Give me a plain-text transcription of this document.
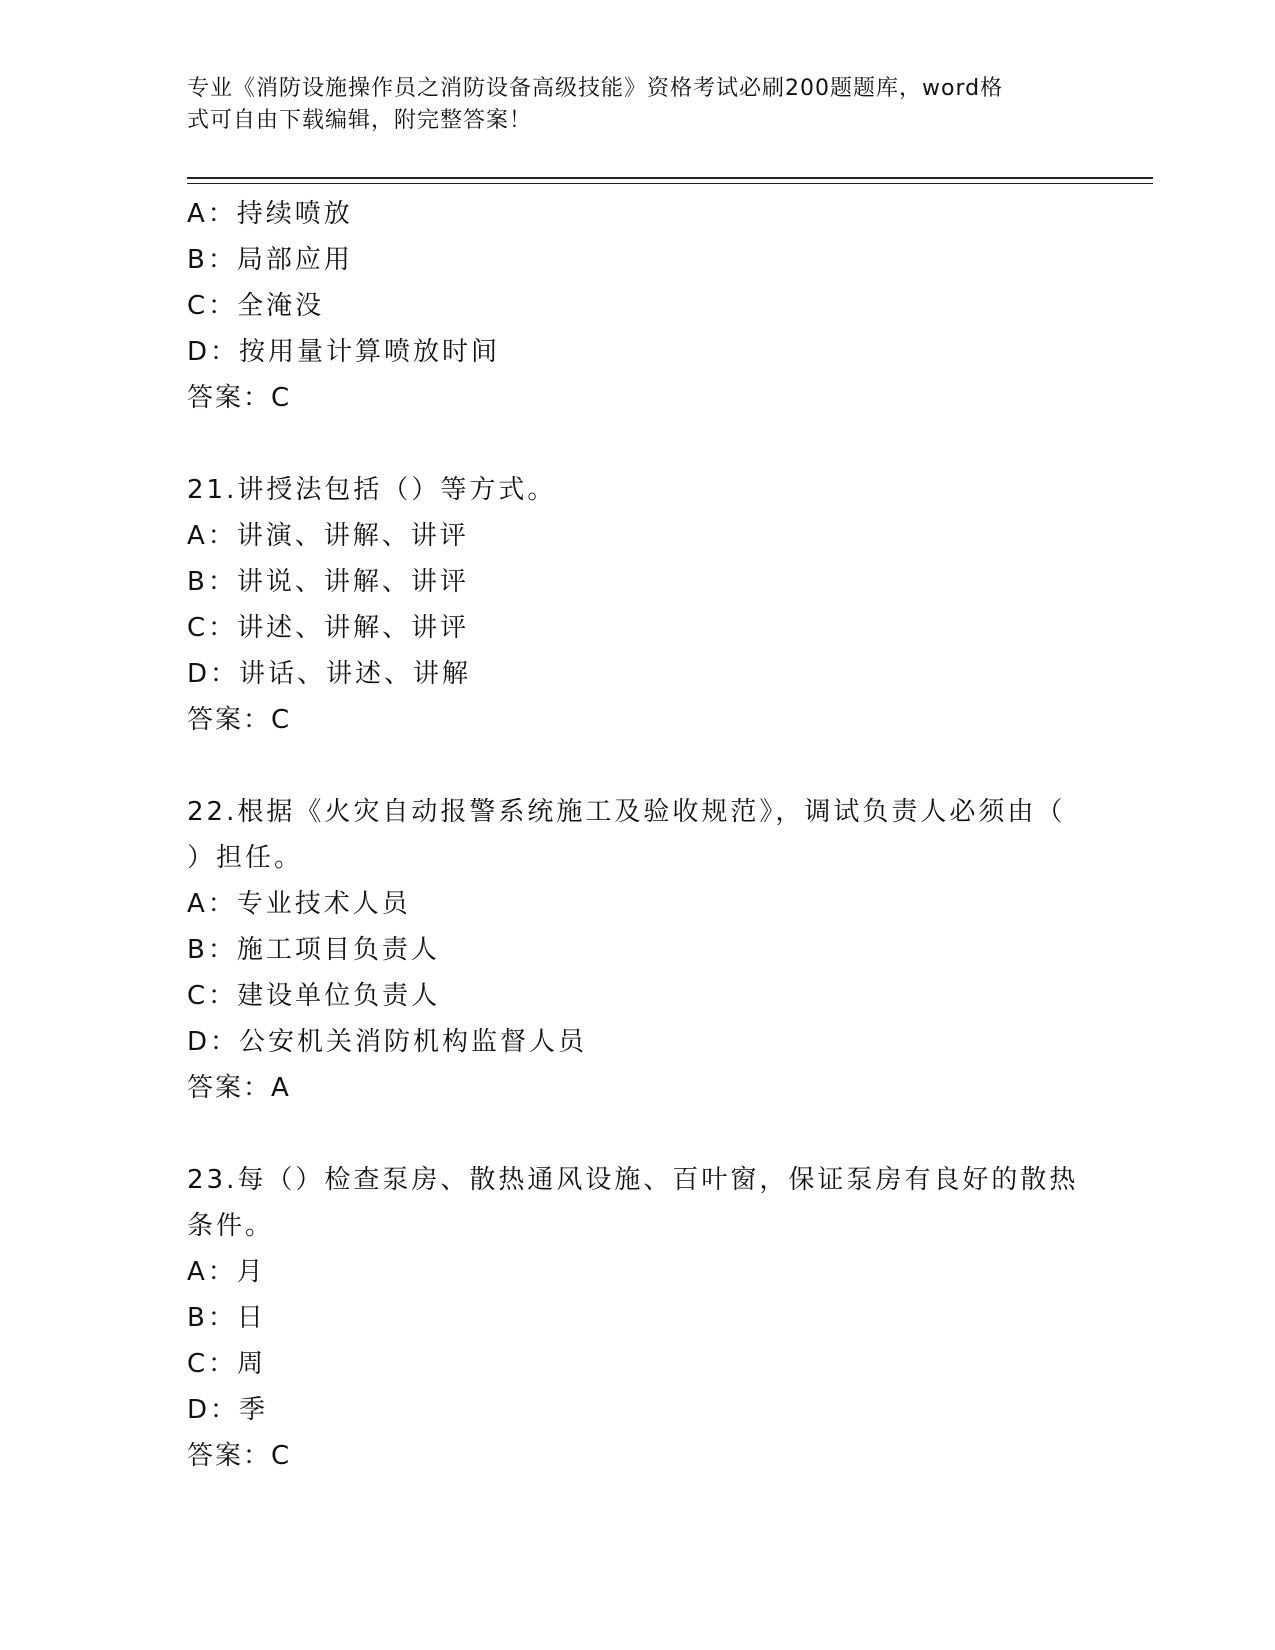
专业《消防设施操作员之消防设备高级技能》资格考试必刷200题题库，word格
式可自由下载编辑，附完整答案！
A：持续喷放
B：局部应用
C：全淹没
D：按用量计算喷放时间
答案：C
21.讲授法包括（）等方式。
A：讲演、讲解、讲评
B：讲说、讲解、讲评
C：讲述、讲解、讲评
D：讲话、讲述、讲解
答案：C
22.根据《火灾自动报警系统施工及验收规范》，调试负责人必须由（
）担任。
A：专业技术人员
B：施工项目负责人
C：建设单位负责人
D：公安机关消防机构监督人员
答案：A
23.每（）检查泵房、散热通风设施、百叶窗，保证泵房有良好的散热
条件。
A：月
B：日
C：周
D：季
答案：C
